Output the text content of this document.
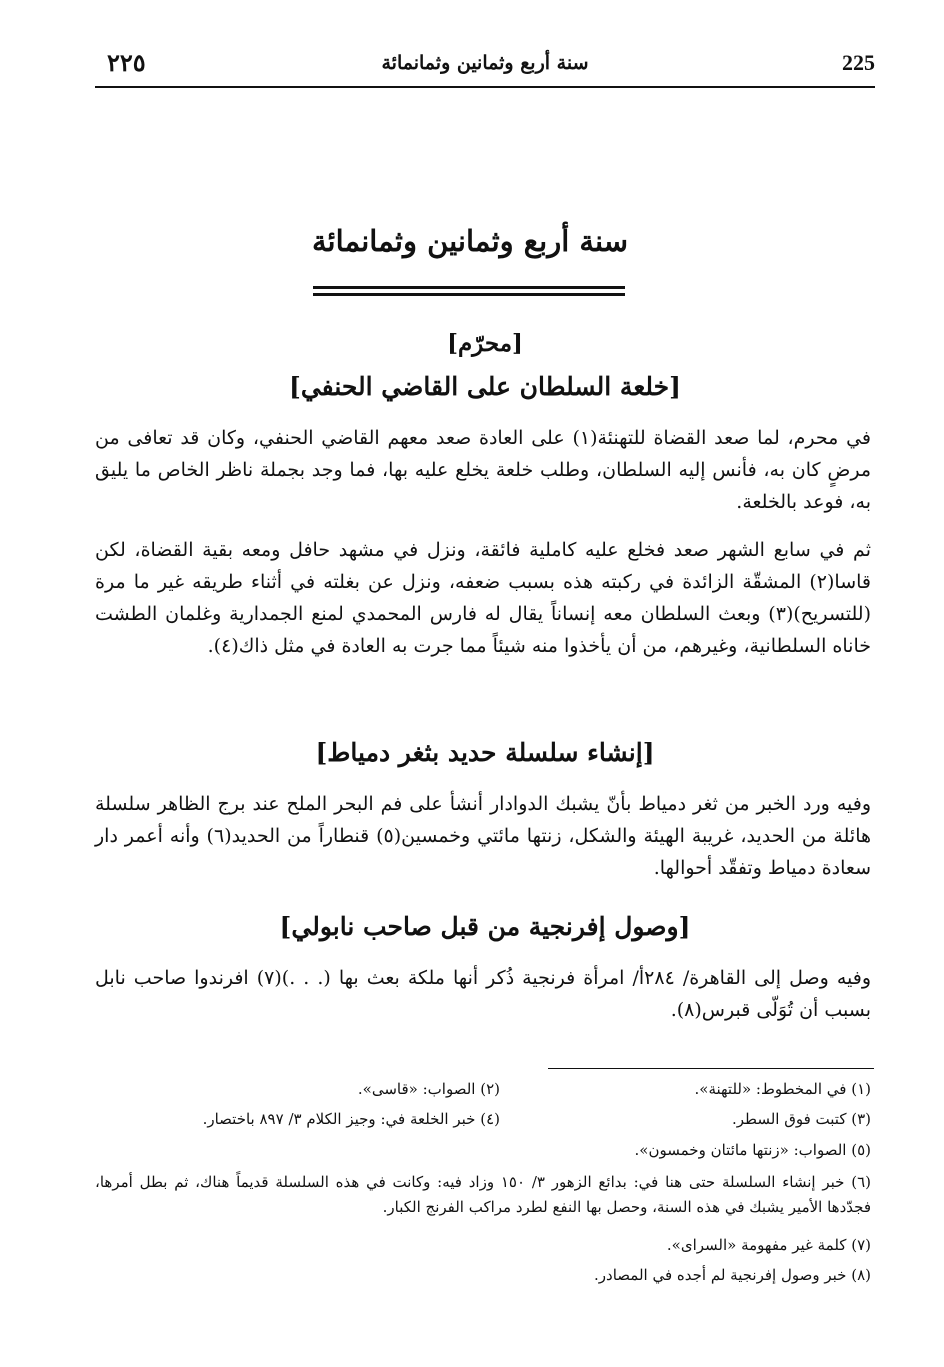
٢٢٥	سنة أربع وثمانين وثمانمائة	225
سنة أربع وثمانين وثمانمائة
[محرّم]
[خلعة السلطان على القاضي الحنفي]
في محرم، لما صعد القضاة للتهنئة(١) على العادة صعد معهم القاضي الحنفي، وكان قد تعافى من مرضٍ كان به، فأنس إليه السلطان، وطلب خلعة يخلع عليه بها، فما وجد بجملة ناظر الخاص ما يليق به، فوعد بالخلعة.
ثم في سابع الشهر صعد فخلع عليه كاملية فائقة، ونزل في مشهد حافل ومعه بقية القضاة، لكن قاسا(٢) المشقّة الزائدة في ركبته هذه بسبب ضعفه، ونزل عن بغلته في أثناء طريقه غير ما مرة (للتسريح)(٣) وبعث السلطان معه إنساناً يقال له فارس المحمدي لمنع الجمدارية وغلمان الطشت خاناه السلطانية، وغيرهم، من أن يأخذوا منه شيئاً مما جرت به العادة في مثل ذاك(٤).
[إنشاء سلسلة حديد بثغر دمياط]
وفيه ورد الخبر من ثغر دمياط بأنّ يشبك الدوادار أنشأ على فم البحر الملح عند برج الظاهر سلسلة هائلة من الحديد، غريبة الهيئة والشكل، زنتها مائتي وخمسين(٥) قنطاراً من الحديد(٦) وأنه أعمر دار سعادة دمياط وتفقّد أحوالها.
[وصول إفرنجية من قبل صاحب نابولي]
وفيه وصل إلى القاهرة/ ٢٨٤أ/ امرأة فرنجية ذُكر أنها ملكة بعث بها (. . .)(٧) افرندوا صاحب نابل بسبب أن تُوَلّى قبرس(٨).
(١) في المخطوط: «للتهنة».
(٢) الصواب: «قاسى».
(٣) كتبت فوق السطر.
(٤) خبر الخلعة في: وجيز الكلام ٣/ ٨٩٧ باختصار.
(٥) الصواب: «زنتها مائتان وخمسون».
(٦) خبر إنشاء السلسلة حتى هنا في: بدائع الزهور ٣/ ١٥٠ وزاد فيه: وكانت في هذه السلسلة قديماً هناك، ثم بطل أمرها، فجدّدها الأمير يشبك في هذه السنة، وحصل بها النفع لطرد مراكب الفرنج الكبار.
(٧) كلمة غير مفهومة «السراى».
(٨) خبر وصول إفرنجية لم أجده في المصادر.
